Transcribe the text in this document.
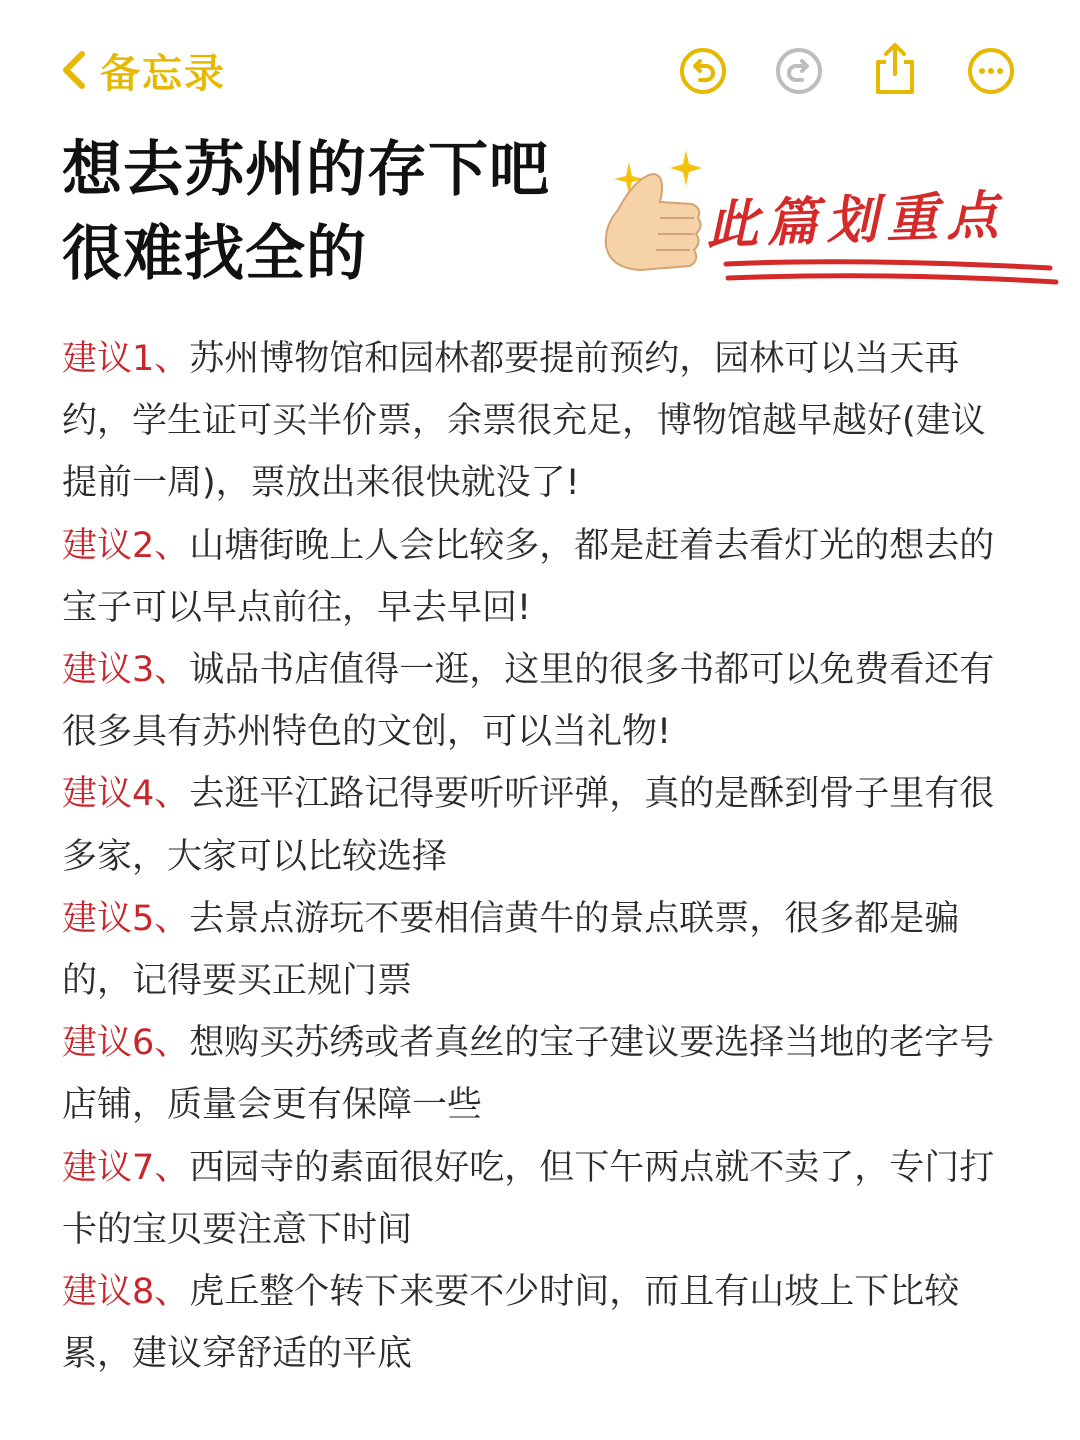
备忘录
想去苏州的存下吧
很难找全的	此篇划重点

建议1、苏州博物馆和园林都要提前预约，园林可以当天再约，学生证可买半价票，余票很充足，博物馆越早越好(建议提前一周)，票放出来很快就没了!

建议2、山塘街晚上人会比较多，都是赶着去看灯光的想去的宝子可以早点前往，早去早回!

建议3、诚品书店值得一逛，这里的很多书都可以免费看还有很多具有苏州特色的文创，可以当礼物!

建议4、去逛平江路记得要听听评弹，真的是酥到骨子里有很多家，大家可以比较选择

建议5、去景点游玩不要相信黄牛的景点联票，很多都是骗的，记得要买正规门票

建议6、想购买苏绣或者真丝的宝子建议要选择当地的老字号店铺，质量会更有保障一些

建议7、西园寺的素面很好吃，但下午两点就不卖了，专门打卡的宝贝要注意下时间

建议8、虎丘整个转下来要不少时间，而且有山坡上下比较累，建议穿舒适的平底
